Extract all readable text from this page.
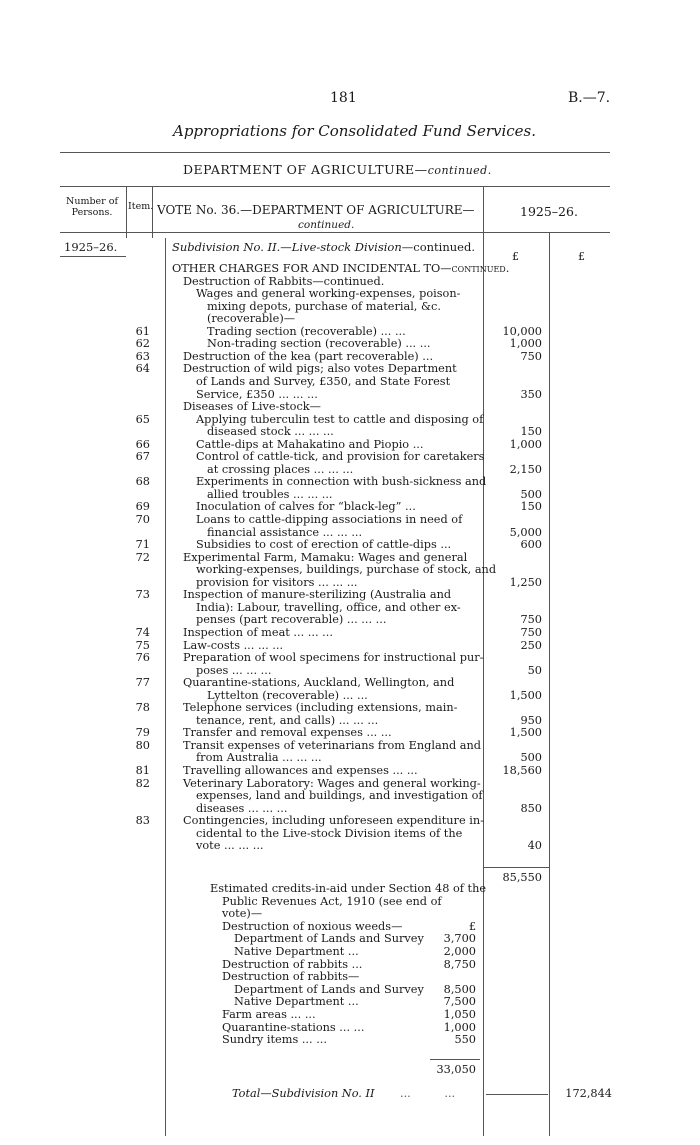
181	B.—7.
Appropriations for Consolidated Fund Services.
DEPARTMENT OF AGRICULTURE—continued.
Number of Persons.
Item. VOTE No. 36.—DEPARTMENT OF AGRICULTURE—
continued.
1925–26.
1925–26.
£	£
Subdivision No. II.—Live-stock Division—continued.
OTHER CHARGES FOR AND INCIDENTAL TO—continued.
Destruction of Rabbits—continued.
Wages and general working-expenses, poison-
mixing depots, purchase of material, &c.
(recoverable)—
61	Trading section (recoverable) ... ...	10,000
62	Non-trading section (recoverable) ... ...	1,000
63	Destruction of the kea (part recoverable) ...	750
64	Destruction of wild pigs; also votes Department
of Lands and Survey, £350, and State Forest
Service, £350 ... ... ...	350
Diseases of Live-stock—
65	Applying tuberculin test to cattle and disposing of
diseased stock ... ... ...	150
66	Cattle-dips at Mahakatino and Piopio ...	1,000
67	Control of cattle-tick, and provision for caretakers
at crossing places ... ... ...	2,150
68	Experiments in connection with bush-sickness and
allied troubles ... ... ...	500
69	Inoculation of calves for “black-leg” ...	150
70	Loans to cattle-dipping associations in need of
financial assistance ... ... ...	5,000
71	Subsidies to cost of erection of cattle-dips ...	600
72	Experimental Farm, Mamaku: Wages and general
working-expenses, buildings, purchase of stock, and
provision for visitors ... ... ...	1,250
73	Inspection of manure-sterilizing (Australia and
India): Labour, travelling, office, and other ex-
penses (part recoverable) ... ... ...	750
74	Inspection of meat ... ... ...	750
75	Law-costs ... ... ...	250
76	Preparation of wool specimens for instructional pur-
poses ... ... ...	50
77	Quarantine-stations, Auckland, Wellington, and
Lyttelton (recoverable) ... ...	1,500
78	Telephone services (including extensions, main-
tenance, rent, and calls) ... ... ...	950
79	Transfer and removal expenses ... ...	1,500
80	Transit expenses of veterinarians from England and
from Australia ... ... ...	500
81	Travelling allowances and expenses ... ...	18,560
82	Veterinary Laboratory: Wages and general working-
expenses, land and buildings, and investigation of
diseases ... ... ...	850
83	Contingencies, including unforeseen expenditure in-
cidental to the Live-stock Division items of the
vote ... ... ...	40
85,550
Estimated credits-in-aid under Section 48 of the
Public Revenues Act, 1910 (see end of
vote)—
Destruction of noxious weeds—	£
Department of Lands and Survey	3,700
Native Department ...	2,000
Destruction of rabbits ...	8,750
Destruction of rabbits—
Department of Lands and Survey	8,500
Native Department ...	7,500
Farm areas ... ...	1,050
Quarantine-stations ... ...	1,000
Sundry items ... ...	550
33,050
Total—Subdivision No. II ... ...	172,844
